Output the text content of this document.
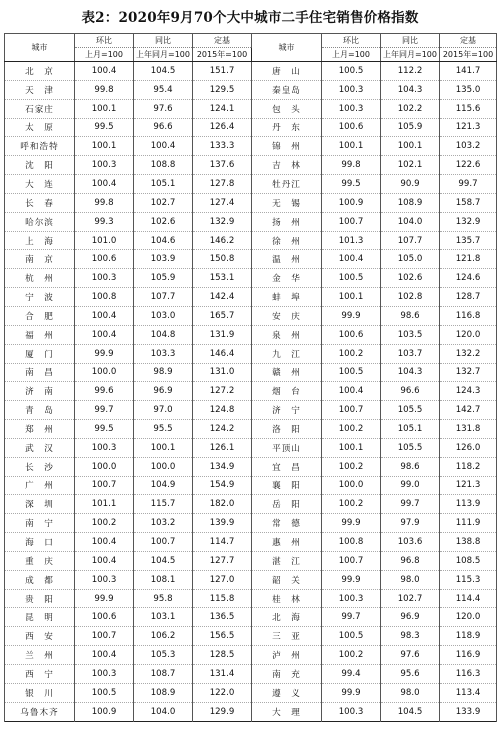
表2：2020年9月70个大中城市二手住宅销售价格指数
城市	环比	同比	定基	城市	环比	同比	定基
	上月=100	上年同月=100	2015年=100		上月=100	上年同月=100	2015年=100
北　京	100.4	104.5	151.7	唐　山	100.5	112.2	141.7
天　津	99.8	95.4	129.5	秦皇岛	100.3	104.3	135.0
石家庄	100.1	97.6	124.1	包　头	100.3	102.2	115.6
太　原	99.5	96.6	126.4	丹　东	100.6	105.9	121.3
呼和浩特	100.1	100.4	133.3	锦　州	100.1	100.1	103.2
沈　阳	100.3	108.8	137.6	吉　林	99.8	102.1	122.6
大　连	100.4	105.1	127.8	牡丹江	99.5	90.9	99.7
长　春	99.8	102.7	127.4	无　锡	100.9	108.9	158.7
哈尔滨	99.3	102.6	132.9	扬　州	100.7	104.0	132.9
上　海	101.0	104.6	146.2	徐　州	101.3	107.7	135.7
南　京	100.6	103.9	150.8	温　州	100.4	105.0	121.8
杭　州	100.3	105.9	153.1	金　华	100.5	102.6	124.6
宁　波	100.8	107.7	142.4	蚌　埠	100.1	102.8	128.7
合　肥	100.4	103.0	165.7	安　庆	99.9	98.6	116.8
福　州	100.4	104.8	131.9	泉　州	100.6	103.5	120.0
厦　门	99.9	103.3	146.4	九　江	100.2	103.7	132.2
南　昌	100.0	98.9	131.0	赣　州	100.5	104.3	132.7
济　南	99.6	96.9	127.2	烟　台	100.4	96.6	124.3
青　岛	99.7	97.0	124.8	济　宁	100.7	105.5	142.7
郑　州	99.5	95.5	124.2	洛　阳	100.2	105.1	131.8
武　汉	100.3	100.1	126.1	平顶山	100.1	105.5	126.0
长　沙	100.0	100.0	134.9	宜　昌	100.2	98.6	118.2
广　州	100.7	104.9	154.9	襄　阳	100.0	99.0	121.3
深　圳	101.1	115.7	182.0	岳　阳	100.2	99.7	113.9
南　宁	100.2	103.2	139.9	常　德	99.9	97.9	111.9
海　口	100.4	100.7	114.7	惠　州	100.8	103.6	138.8
重　庆	100.4	104.5	127.7	湛　江	100.7	96.8	108.5
成　都	100.3	108.1	127.0	韶　关	99.9	98.0	115.3
贵　阳	99.9	95.8	115.8	桂　林	100.3	102.7	114.4
昆　明	100.6	103.1	136.5	北　海	99.7	96.9	120.0
西　安	100.7	106.2	156.5	三　亚	100.5	98.3	118.9
兰　州	100.4	105.3	128.5	泸　州	100.2	97.6	116.9
西　宁	100.3	108.7	131.4	南　充	99.4	95.6	116.3
银　川	100.5	108.9	122.0	遵　义	99.9	98.0	113.4
乌鲁木齐	100.9	104.0	129.9	大　理	100.3	104.5	133.9
